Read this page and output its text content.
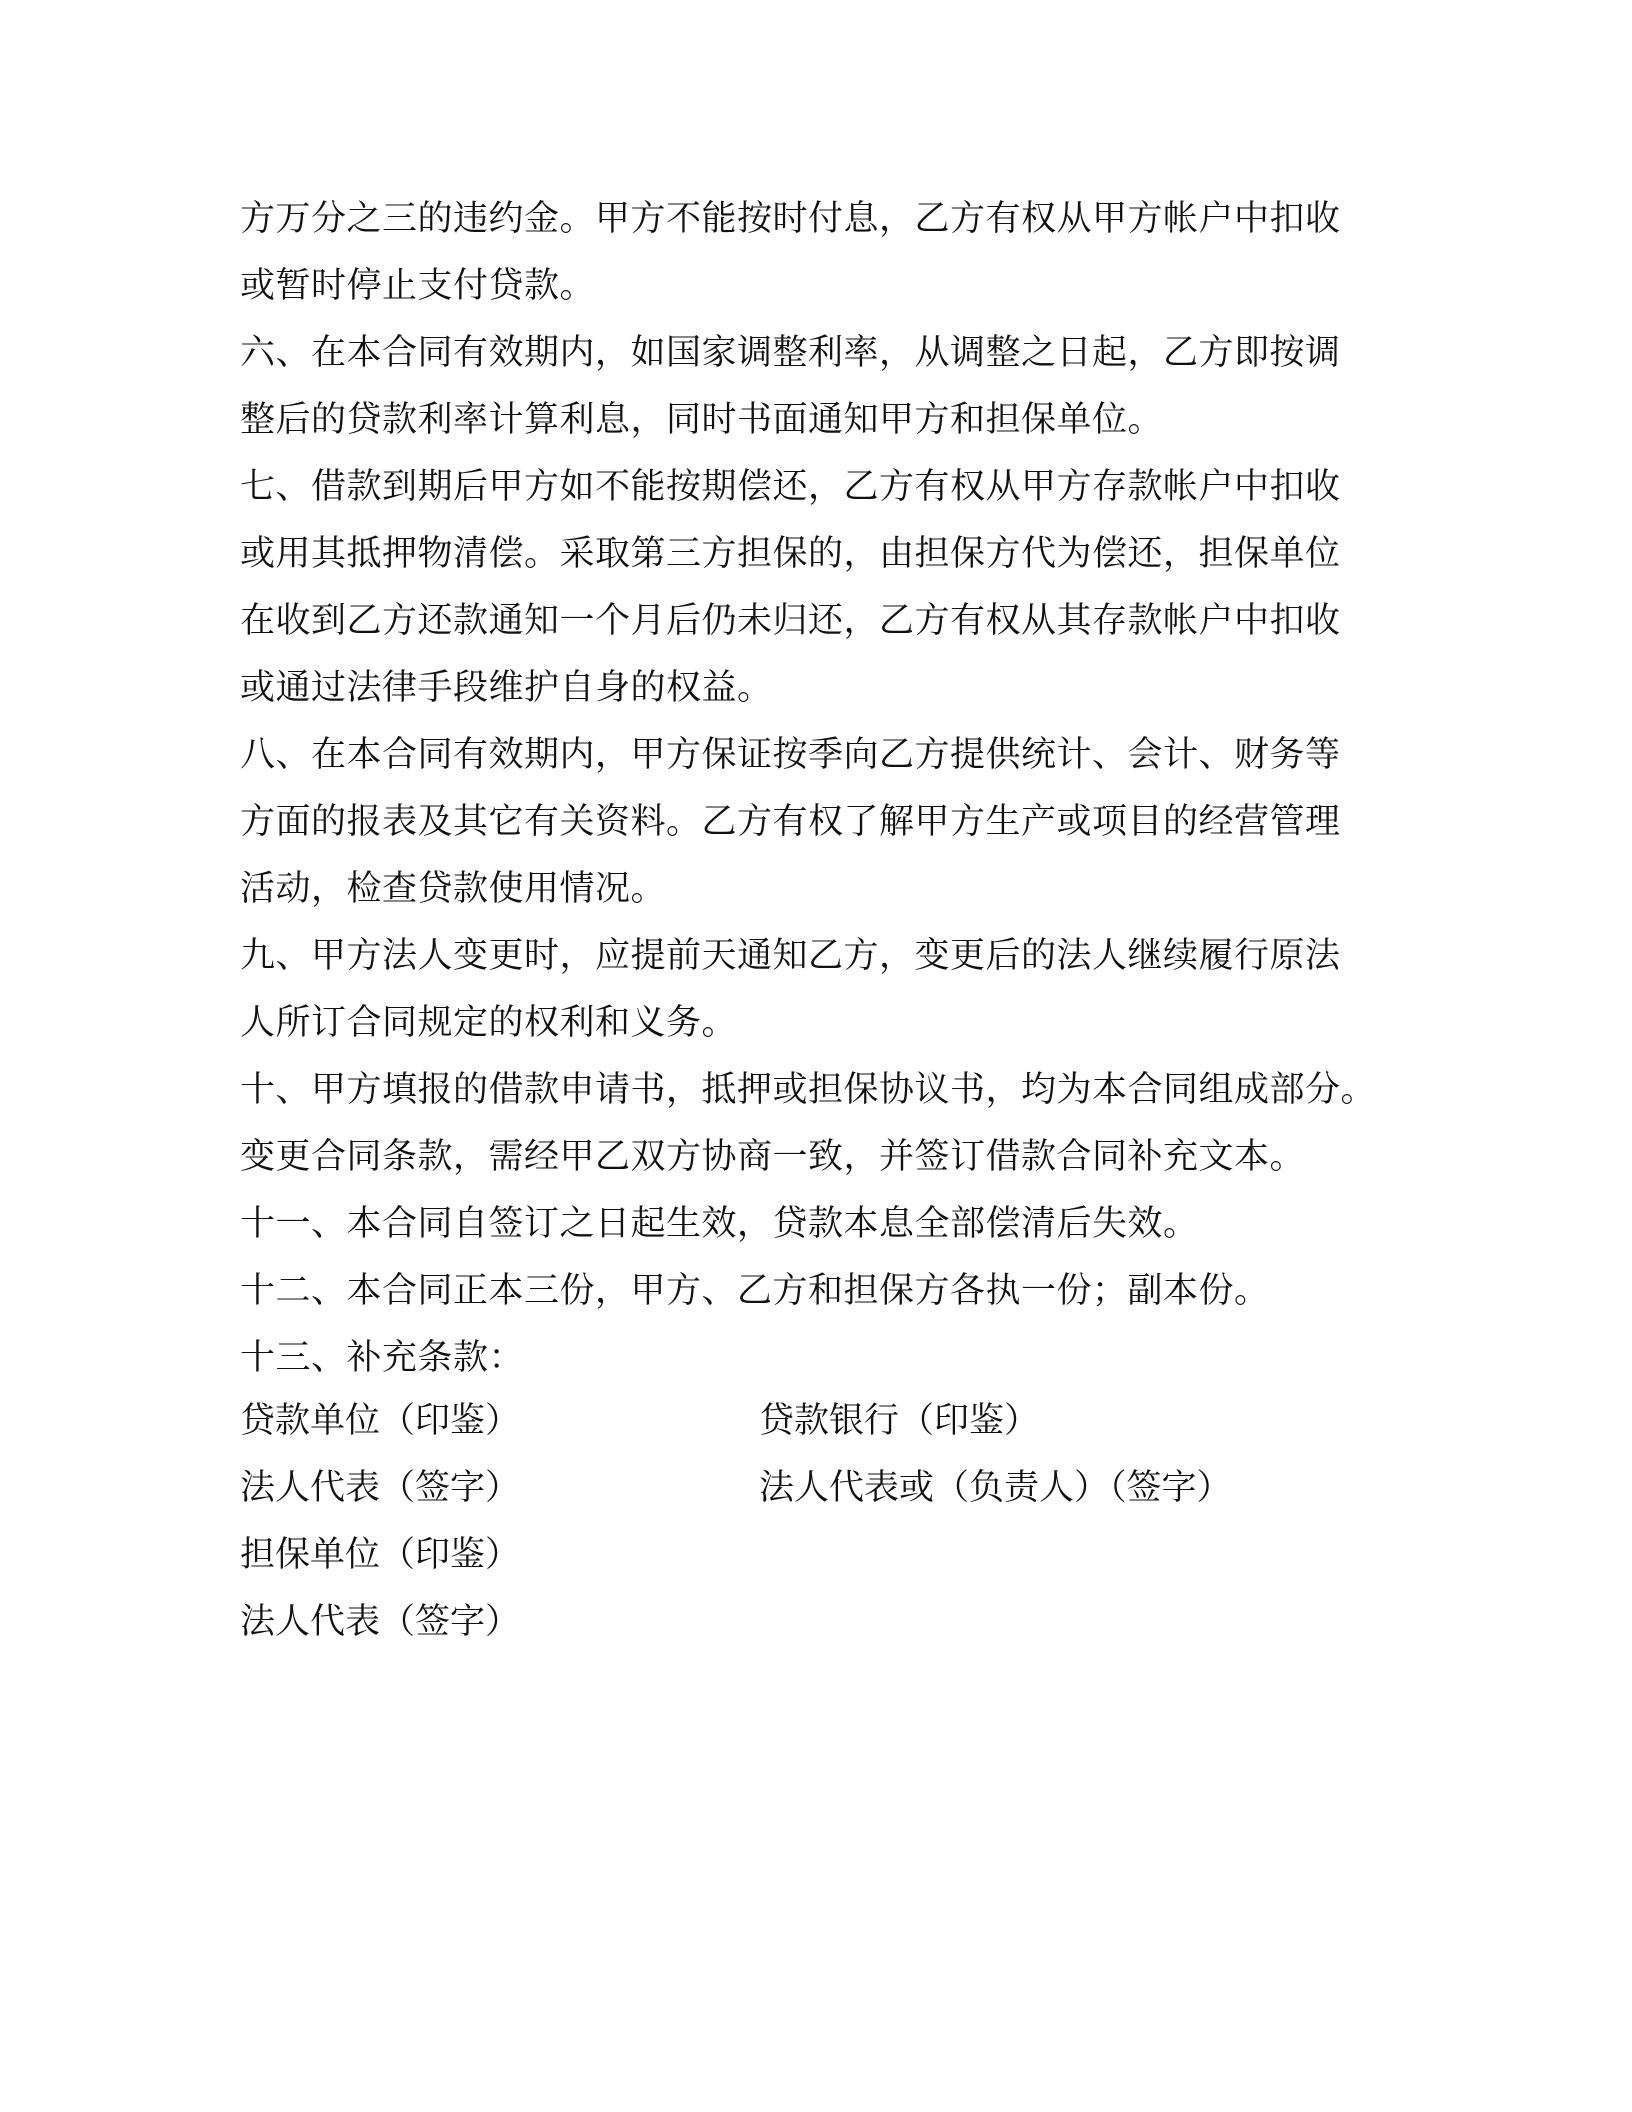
方万分之三的违约金。甲方不能按时付息，乙方有权从甲方帐户中扣收
或暂时停止支付贷款。
六、在本合同有效期内，如国家调整利率，从调整之日起，乙方即按调
整后的贷款利率计算利息，同时书面通知甲方和担保单位。
七、借款到期后甲方如不能按期偿还，乙方有权从甲方存款帐户中扣收
或用其抵押物清偿。采取第三方担保的，由担保方代为偿还，担保单位
在收到乙方还款通知一个月后仍未归还，乙方有权从其存款帐户中扣收
或通过法律手段维护自身的权益。
八、在本合同有效期内，甲方保证按季向乙方提供统计、会计、财务等
方面的报表及其它有关资料。乙方有权了解甲方生产或项目的经营管理
活动，检查贷款使用情况。
九、甲方法人变更时，应提前天通知乙方，变更后的法人继续履行原法
人所订合同规定的权利和义务。
十、甲方填报的借款申请书，抵押或担保协议书，均为本合同组成部分。
变更合同条款，需经甲乙双方协商一致，并签订借款合同补充文本。
十一、本合同自签订之日起生效，贷款本息全部偿清后失效。
十二、本合同正本三份，甲方、乙方和担保方各执一份；副本份。
十三、补充条款：
贷款单位（印鉴）	贷款银行（印鉴）
法人代表（签字）	法人代表或（负责人）（签字）
担保单位（印鉴）
法人代表（签字）
